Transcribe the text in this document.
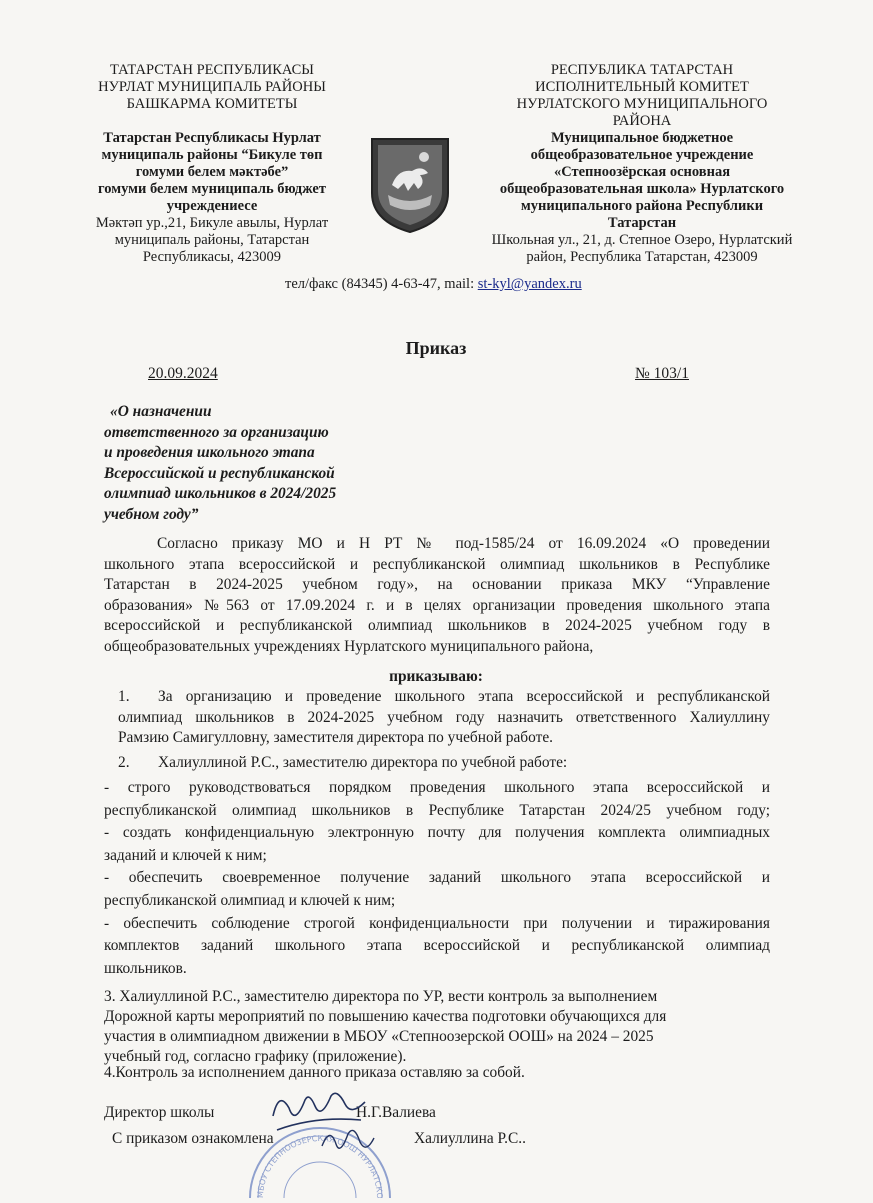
ТАТАРСТАН РЕСПУБЛИКАСЫ
НУРЛАТ МУНИЦИПАЛЬ РАЙОНЫ
БАШКАРМА КОМИТЕТЫ
Татарстан Республикасы Нурлат
муниципаль районы “Бикуле төп
гомуми белем мәктәбе”
гомуми белем муниципаль бюджет
учреждениесе
Мәктәп ур.,21, Бикуле авылы, Нурлат
муниципаль районы, Татарстан
Республикасы, 423009
РЕСПУБЛИКА ТАТАРСТАН
ИСПОЛНИТЕЛЬНЫЙ КОМИТЕТ
НУРЛАТСКОГО МУНИЦИПАЛЬНОГО
РАЙОНА
Муниципальное бюджетное
общеобразовательное учреждение
«Степноозёрская основная
общеобразовательная школа» Нурлатского
муниципального района Республики
Татарстан
Школьная ул., 21, д. Степное Озеро, Нурлатский
район, Республика Татарстан, 423009
тел/факс (84345) 4-63-47, mail: st-kyl@yandex.ru
Приказ
20.09.2024	№ 103/1
«О назначении
ответственного за организацию
и проведения школьного этапа
Всероссийской и республиканской
олимпиад школьников в 2024/2025
учебном году”
Согласно приказу МО и Н РТ № под-1585/24 от 16.09.2024 «О проведении
школьного этапа всероссийской и республиканской олимпиад школьников в Республике
Татарстан в 2024-2025 учебном году», на основании приказа МКУ “Управление
образования» №563 от 17.09.2024 г. и в целях организации проведения школьного этапа
всероссийской и республиканской олимпиад школьников в 2024-2025 учебном году в
общеобразовательных учреждениях Нурлатского муниципального района,
приказываю:
1.	За организацию и проведение школьного этапа всероссийской и республиканской
олимпиад школьников в 2024-2025 учебном году назначить ответственного Халиуллину
Рамзию Самигулловну, заместителя директора по учебной работе.
2.	Халиуллиной Р.С., заместителю директора по учебной работе:
- строго руководствоваться порядком проведения школьного этапа всероссийской и
республиканской олимпиад школьников в Республике Татарстан 2024/25 учебном году;
- создать конфиденциальную электронную почту для получения комплекта олимпиадных
заданий и ключей к ним;
- обеспечить своевременное получение заданий школьного этапа всероссийской и
республиканской олимпиад и ключей к ним;
- обеспечить соблюдение строгой конфиденциальности при получении и тиражирования
комплектов заданий школьного этапа всероссийской и республиканской олимпиад
школьников.
3. Халиуллиной Р.С., заместителю директора по УР, вести контроль за выполнением
Дорожной карты мероприятий по повышению качества подготовки обучающихся для
участия в олимпиадном движении в МБОУ «Степноозерской ООШ» на 2024 – 2025
учебный год, согласно графику (приложение).
4.Контроль за исполнением данного приказа оставляю за собой.
Директор школы	Н.Г.Валиева
С приказом ознакомлена	Халиуллина Р.С..
МБОУ СТЕПНООЗЕРСКАЯ ООШ НУРЛАТСКО
